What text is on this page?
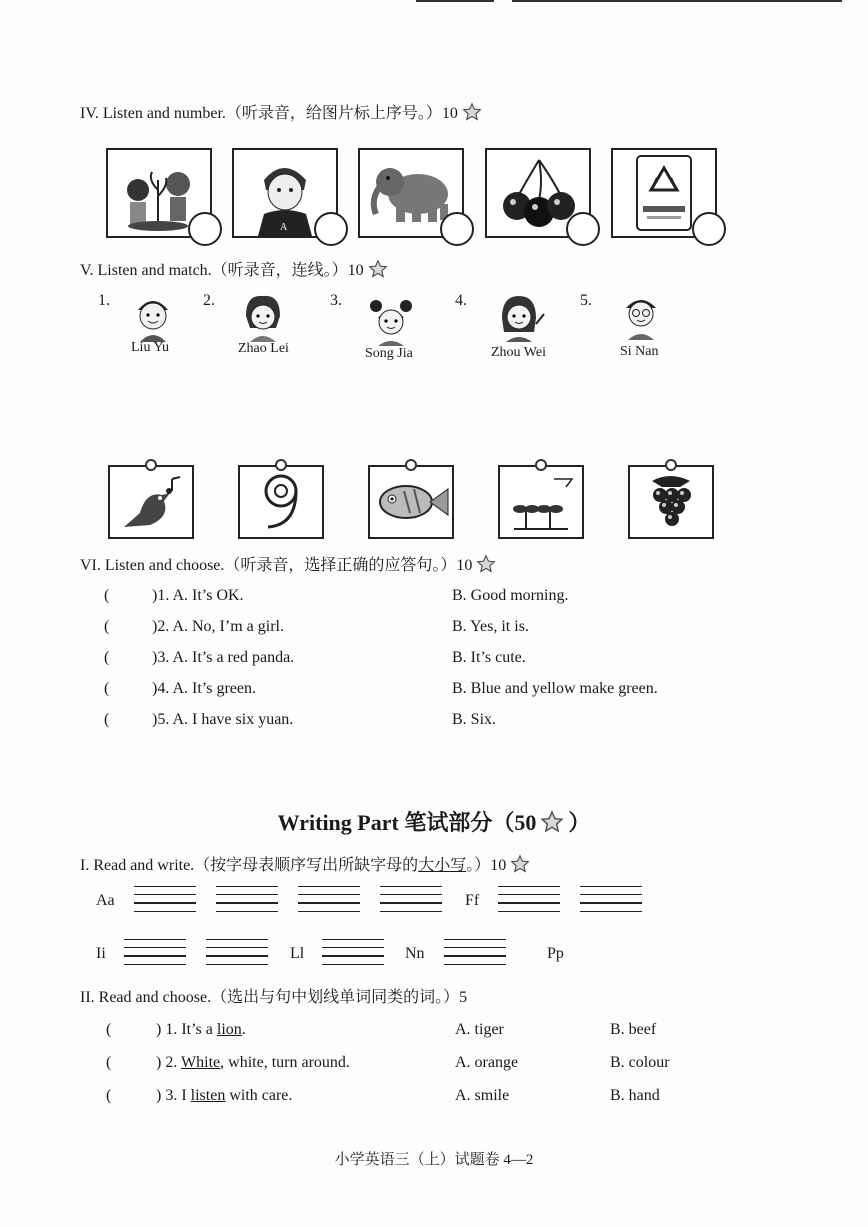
IV. Listen and number.（听录音，给图片标上序号。）10
A
V. Listen and match.（听录音，连线。）10
1.	2.	3.	4.	5.
Liu Yu	Zhao Lei	Song Jia	Zhou Wei	Si Nan
VI. Listen and choose.（听录音，选择正确的应答句。）10
(	)1. A. It’s OK.	B. Good morning.
(	)2. A. No, I’m a girl.	B. Yes, it is.
(	)3. A. It’s a red panda.	B. It’s cute.
(	)4. A. It’s green.	B. Blue and yellow make green.
(	)5. A. I have six yuan.	B. Six.
Writing Part 笔试部分（50 ）
I. Read and write.（按字母表顺序写出所缺字母的大小写。）10
Aa	Ff
Ii	Ll	Nn	Pp
II. Read and choose.（选出与句中划线单词同类的词。）5
(	) 1. It’s a lion.	A. tiger	B. beef
(	) 2. White, white, turn around.	A. orange	B. colour
(	) 3. I listen with care.	A. smile	B. hand
小学英语三（上）试题卷 4—2
